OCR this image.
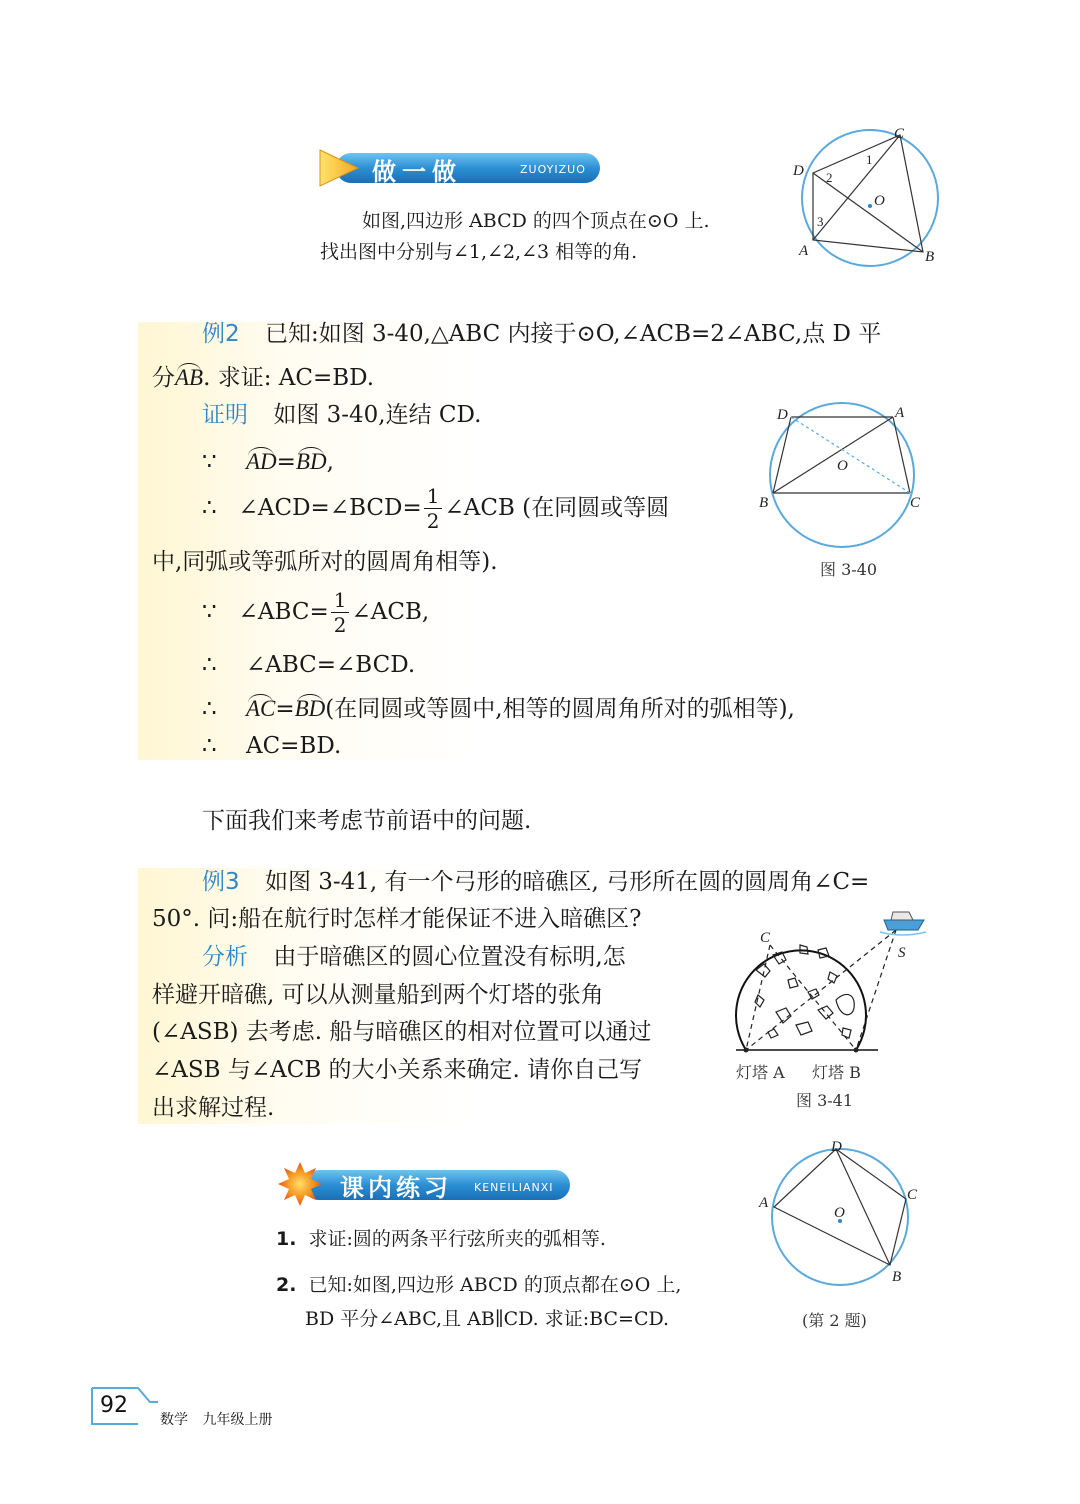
做一做	ZUOYIZUO
如图,四边形 ABCD 的四个顶点在⊙O 上.
找出图中分别与∠1,∠2,∠3 相等的角.
C
D
A	B
O
1
2
3
例2 已知:如图 3-40,△ABC 内接于⊙O,∠ACB=2∠ABC,点 D 平
分AB. 求证: AC=BD.
证明 如图 3-40,连结 CD.
∵ AD=BD,
∴ ∠ACD=∠BCD= $\frac{1}{2}$ ∠ACB (在同圆或等圆
中,同弧或等弧所对的圆周角相等).
∵ ∠ABC= $\frac{1}{2}$ ∠ACB,
∴ ∠ABC=∠BCD.
∴ AC=BD(在同圆或等圆中,相等的圆周角所对的弧相等),
∴ AC=BD.
D	A
B	C
O
图 3-40
下面我们来考虑节前语中的问题.
例3 如图 3-41, 有一个弓形的暗礁区, 弓形所在圆的圆周角∠C=
50°. 问:船在航行时怎样才能保证不进入暗礁区?
分析 由于暗礁区的圆心位置没有标明,怎
样避开暗礁, 可以从测量船到两个灯塔的张角
(∠ASB) 去考虑. 船与暗礁区的相对位置可以通过
∠ASB 与∠ACB 的大小关系来确定. 请你自己写
出求解过程.
C
S
灯塔 A 灯塔 B
图 3-41
课内练习 KENEILIANXI
1. 求证:圆的两条平行弦所夹的弧相等.
2. 已知:如图,四边形 ABCD 的顶点都在⊙O 上,
BD 平分∠ABC,且 AB∥CD. 求证:BC=CD.
D
C
A
B
O
(第 2 题)
92
数学 九年级上册
